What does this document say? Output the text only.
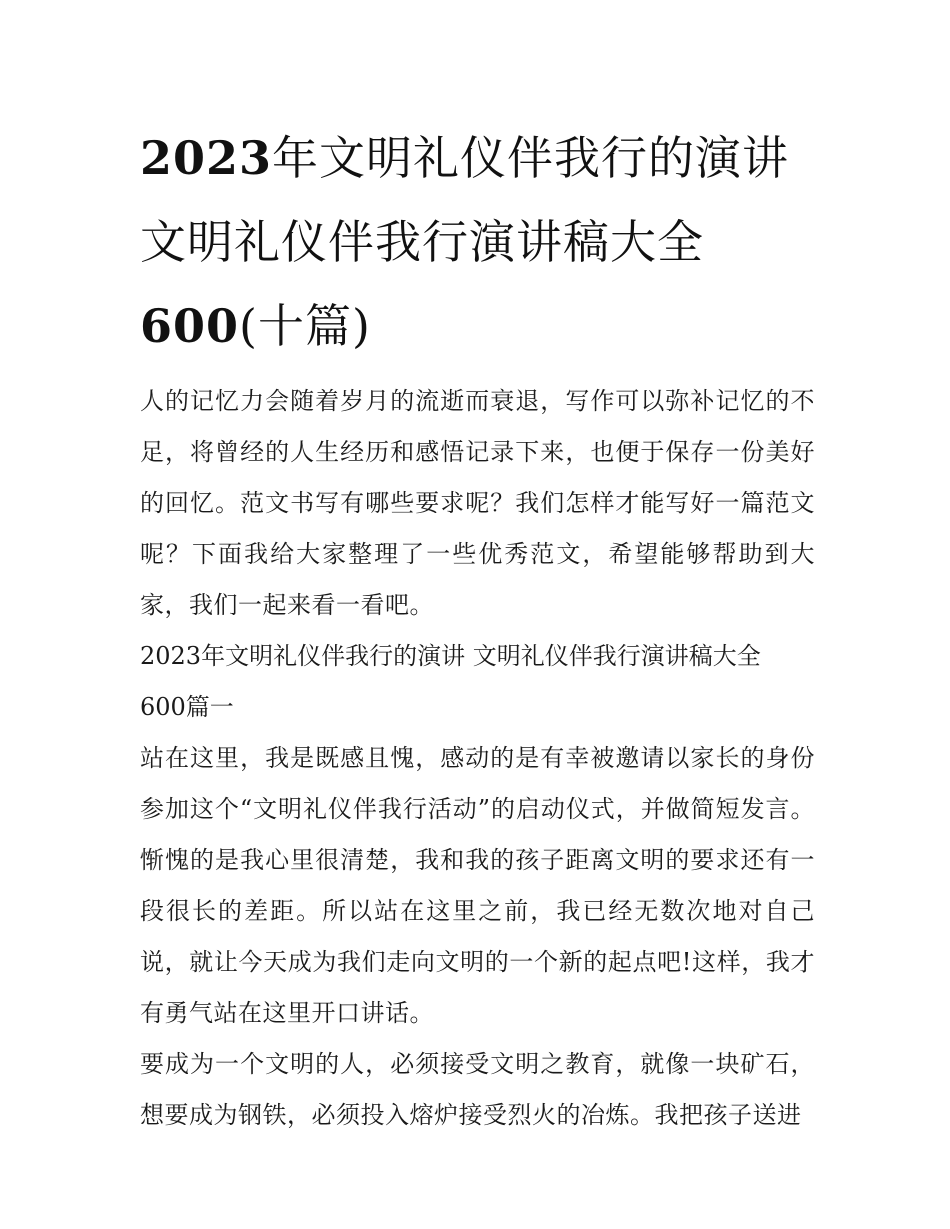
2023年文明礼仪伴我行的演讲
文明礼仪伴我行演讲稿大全
600(十篇)

人的记忆力会随着岁月的流逝而衰退，写作可以弥补记忆的不足，将曾经的人生经历和感悟记录下来，也便于保存一份美好的回忆。范文书写有哪些要求呢？我们怎样才能写好一篇范文呢？下面我给大家整理了一些优秀范文，希望能够帮助到大家，我们一起来看一看吧。

2023年文明礼仪伴我行的演讲 文明礼仪伴我行演讲稿大全600篇一

站在这里，我是既感且愧，感动的是有幸被邀请以家长的身份参加这个“文明礼仪伴我行活动”的启动仪式，并做简短发言。惭愧的是我心里很清楚，我和我的孩子距离文明的要求还有一段很长的差距。所以站在这里之前，我已经无数次地对自己说，就让今天成为我们走向文明的一个新的起点吧!这样，我才有勇气站在这里开口讲话。

要成为一个文明的人，必须接受文明之教育，就像一块矿石，想要成为钢铁，必须投入熔炉接受烈火的冶炼。我把孩子送进
